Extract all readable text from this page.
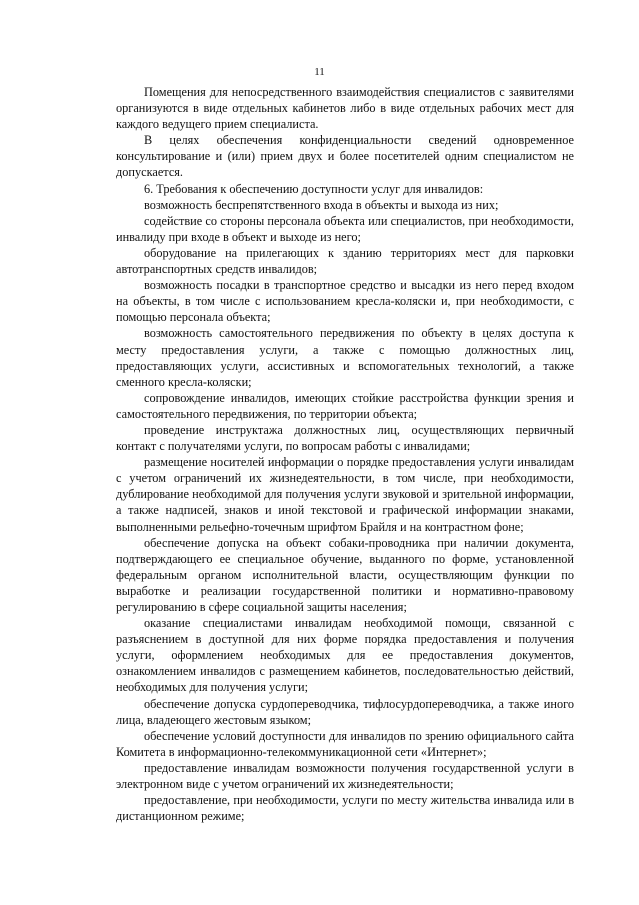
11

Помещения для непосредственного взаимодействия специалистов с заявителями организуются в виде отдельных кабинетов либо в виде отдельных рабочих мест для каждого ведущего прием специалиста.

В целях обеспечения конфиденциальности сведений одновременное консультирование и (или) прием двух и более посетителей одним специалистом не допускается.

6. Требования к обеспечению доступности услуг для инвалидов:

возможность беспрепятственного входа в объекты и выхода из них;

содействие со стороны персонала объекта или специалистов, при необходимости, инвалиду при входе в объект и выходе из него;

оборудование на прилегающих к зданию территориях мест для парковки автотранспортных средств инвалидов;

возможность посадки в транспортное средство и высадки из него перед входом на объекты, в том числе с использованием кресла-коляски и, при необходимости, с помощью персонала объекта;

возможность самостоятельного передвижения по объекту в целях доступа к месту предоставления услуги, а также с помощью должностных лиц, предоставляющих услуги, ассистивных и вспомогательных технологий, а также сменного кресла-коляски;

сопровождение инвалидов, имеющих стойкие расстройства функции зрения и самостоятельного передвижения, по территории объекта;

проведение инструктажа должностных лиц, осуществляющих первичный контакт с получателями услуги, по вопросам работы с инвалидами;

размещение носителей информации о порядке предоставления услуги инвалидам с учетом ограничений их жизнедеятельности, в том числе, при необходимости, дублирование необходимой для получения услуги звуковой и зрительной информации, а также надписей, знаков и иной текстовой и графической информации знаками, выполненными рельефно-точечным шрифтом Брайля и на контрастном фоне;

обеспечение допуска на объект собаки-проводника при наличии документа, подтверждающего ее специальное обучение, выданного по форме, установленной федеральным органом исполнительной власти, осуществляющим функции по выработке и реализации государственной политики и нормативно-правовому регулированию в сфере социальной защиты населения;

оказание специалистами инвалидам необходимой помощи, связанной с разъяснением в доступной для них форме порядка предоставления и получения услуги, оформлением необходимых для ее предоставления документов, ознакомлением инвалидов с размещением кабинетов, последовательностью действий, необходимых для получения услуги;

обеспечение допуска сурдопереводчика, тифлосурдопереводчика, а также иного лица, владеющего жестовым языком;

обеспечение условий доступности для инвалидов по зрению официального сайта Комитета в информационно-телекоммуникационной сети «Интернет»;

предоставление инвалидам возможности получения государственной услуги в электронном виде с учетом ограничений их жизнедеятельности;

предоставление, при необходимости, услуги по месту жительства инвалида или в дистанционном режиме;
